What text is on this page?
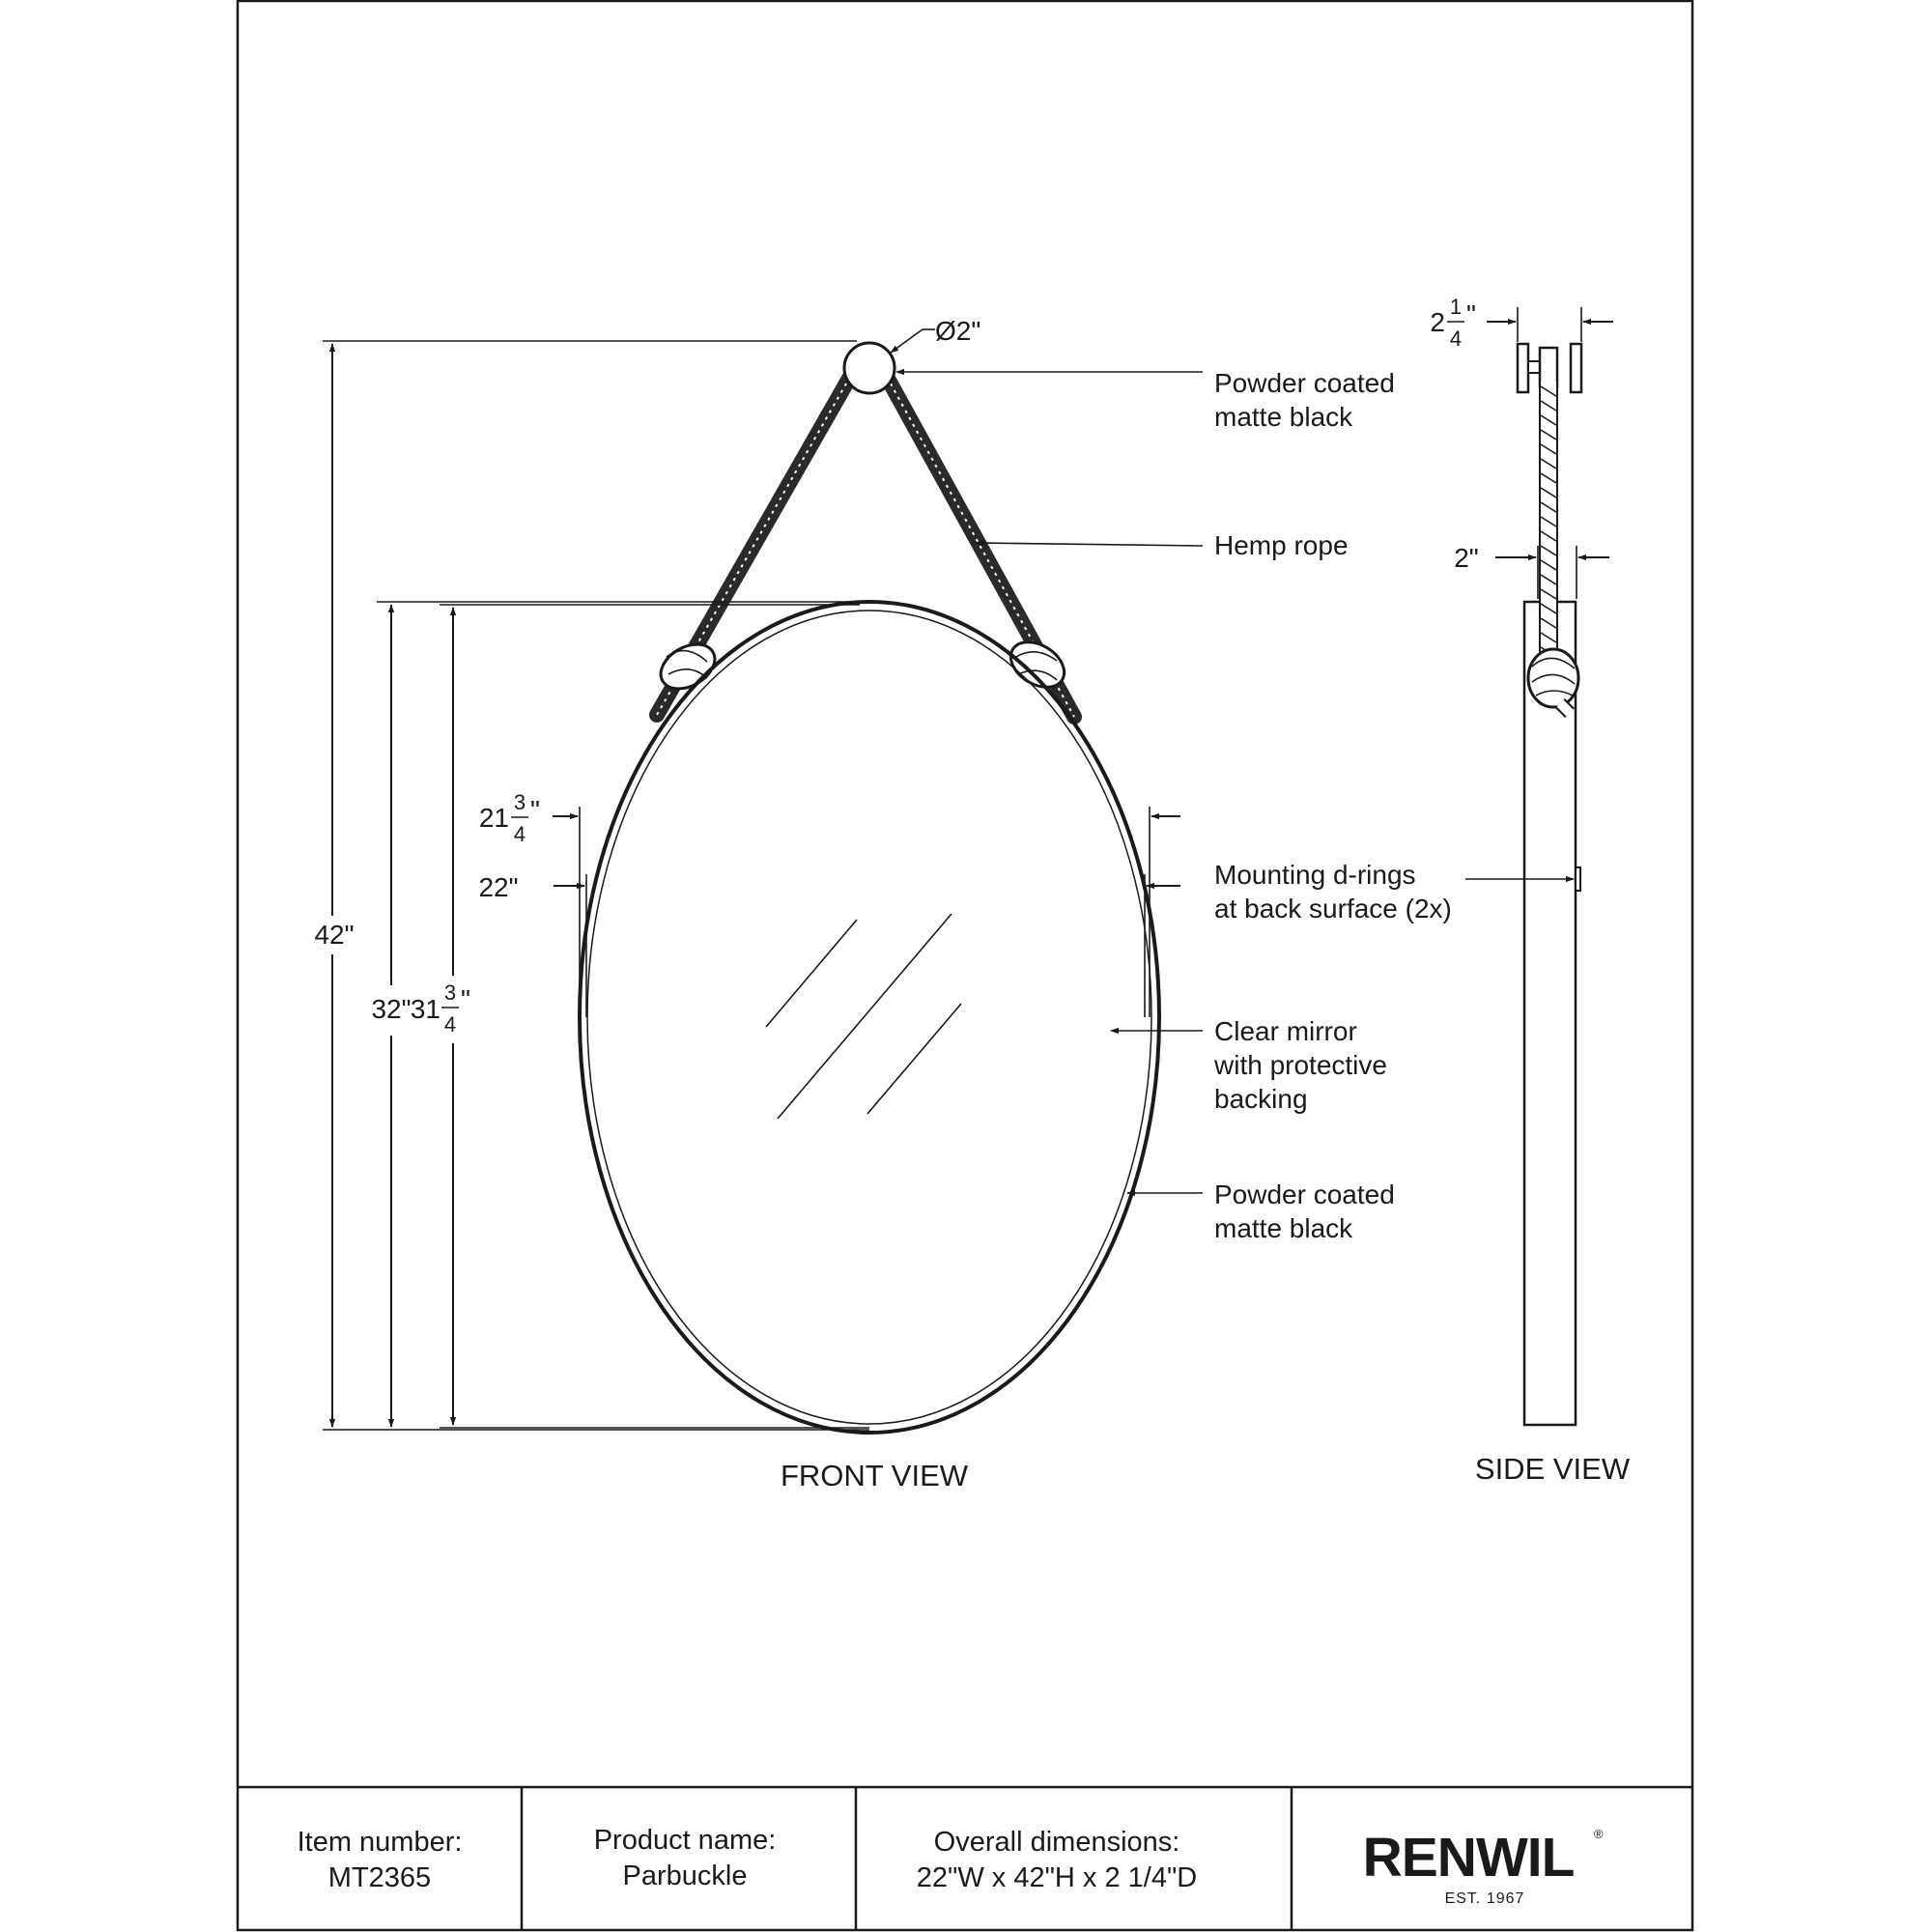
42"
32" 31
3
4
"
21
3
4
"
22"
Ø2"
Powder coated
matte black
Hemp rope
Mounting d-rings
at back surface (2x)
Clear mirror
with protective
backing
Powder coated
matte black
FRONT VIEW
2
1
4
"
2"
SIDE VIEW
Item number:
MT2365
Product name:
Parbuckle
Overall dimensions:
22"W x 42"H x 2 1/4"D	RENWIL ®
EST. 1967
